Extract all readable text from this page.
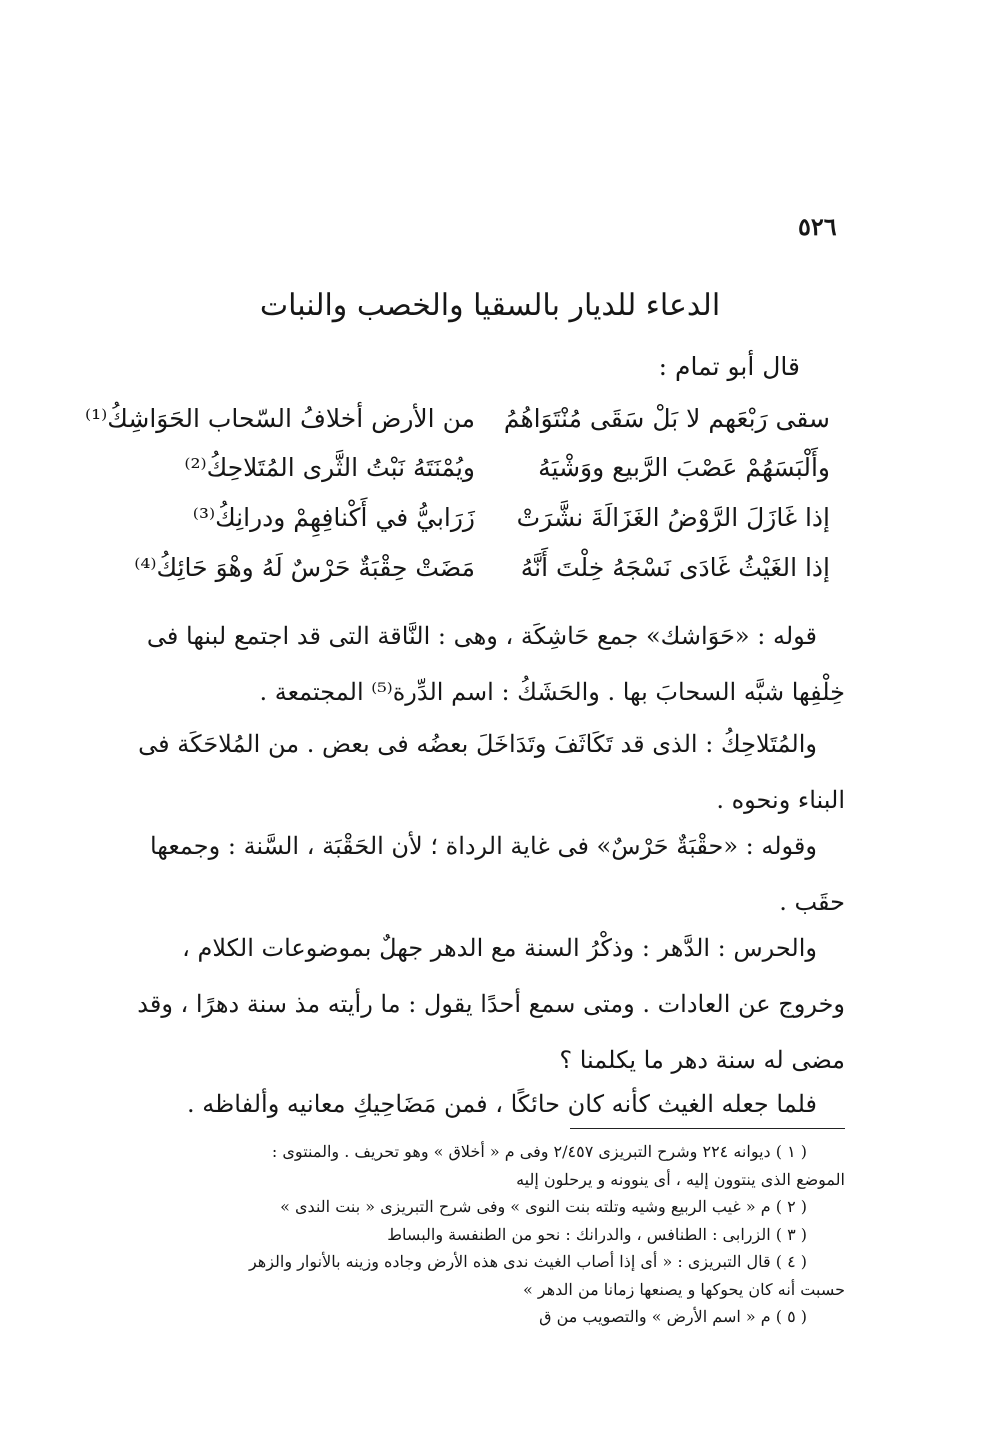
٥٢٦
الدعاء للديار بالسقيا والخصب والنبات
قال أبو تمام :
سقى رَبْعَهم لا بَلْ سَقَى مُنْتَوَاهُمُ
من الأرض أخلافُ السّحاب الحَوَاشِكُ⁽¹⁾
وأَلْبَسَهُمْ عَصْبَ الرَّبيع ووَشْيَهُ
ويُمْنَتَهُ نَبْتُ الثَّرى المُتَلاحِكُ⁽²⁾
إذا غَازَلَ الرَّوْضُ الغَزَالَةَ نشَّرَتْ
زَرَابيُّ في أَكْنافِهِمْ ودرانِكُ⁽³⁾
إذا الغَيْثُ غَادَى نَسْجَهُ خِلْتَ أَنَّهُ
مَضَتْ حِقْبَةٌ حَرْسٌ لَهُ وهْوَ حَائِكُ⁽⁴⁾
قوله : «حَوَاشك» جمع حَاشِكَة ، وهى : النَّاقة التى قد اجتمع لبنها فى خِلْفِها شبَّه السحابَ بها . والحَشَكُ : اسم الدِّرة⁽⁵⁾ المجتمعة .
والمُتَلاحِكُ : الذى قد تَكَاثَفَ وتَدَاخَلَ بعضُه فى بعض . من المُلاحَكَة فى البناء ونحوه .
وقوله : «حقْبَةٌ حَرْسٌ» فى غاية الرداة ؛ لأن الحَقْبَة ، السَّنة : وجمعها حقَب .
والحرس : الدَّهر : وذكْرُ السنة مع الدهر جهلٌ بموضوعات الكلام ، وخروج عن العادات . ومتى سمع أحدًا يقول : ما رأيته مذ سنة دهرًا ، وقد مضى له سنة دهر ما يكلمنا ؟
فلما جعله الغيث كأنه كان حائكًا ، فمن مَضَاحِيكِ معانيه وألفاظه .
( ١ ) ديوانه ٢٢٤ وشرح التبريزى ٢/٤٥٧ وفى م « أخلاق » وهو تحريف . والمنتوى :
الموضع الذى ينتوون إليه ، أى ينوونه و يرحلون إليه
( ٢ ) م « غيب الربيع وشيه وتلته بنت النوى » وفى شرح التبريزى « بنت الندى »
( ٣ ) الزرابى : الطنافس ، والدرانك : نحو من الطنفسة والبساط
( ٤ ) قال التبريزى : « أى إذا أصاب الغيث ندى هذه الأرض وجاده وزينه بالأنوار والزهر
حسبت أنه كان يحوكها و يصنعها زمانا من الدهر »
( ٥ ) م « اسم الأرض » والتصويب من ق
